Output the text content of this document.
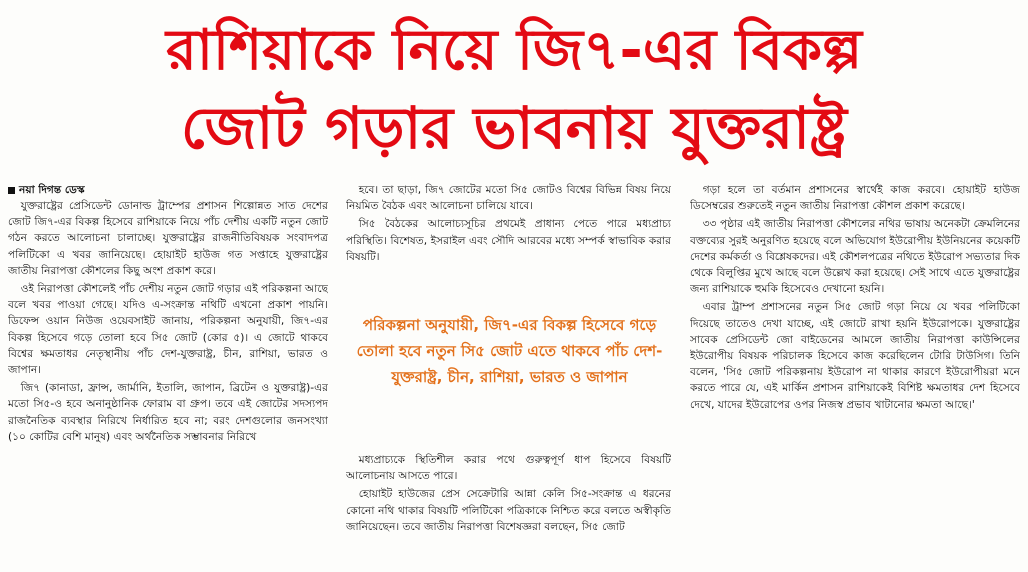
রাশিয়াকে নিয়ে জি৭-এর বিকল্প
জোট গড়ার ভাবনায় যুক্তরাষ্ট্র
নয়া দিগন্ত ডেস্ক

যুক্তরাষ্ট্রের প্রেসিডেন্ট ডোনাল্ড ট্রাম্পের প্রশাসন শিল্পোন্নত সাত দেশের জোট জি৭-এর বিকল্প হিসেবে রাশিয়াকে নিয়ে পাঁচ দেশীয় একটি নতুন জোট গঠন করতে আলোচনা চালাচ্ছে। যুক্তরাষ্ট্রের রাজনীতিবিষয়ক সংবাদপত্র পলিটিকো এ খবর জানিয়েছে। হোয়াইট হাউজ গত সপ্তাহে যুক্তরাষ্ট্রের জাতীয় নিরাপত্তা কৌশলের কিছু অংশ প্রকাশ করে।

ওই নিরাপত্তা কৌশলেই পাঁচ দেশীয় নতুন জোট গড়ার এই পরিকল্পনা আছে বলে খবর পাওয়া গেছে। যদিও এ-সংক্রান্ত নথিটি এখনো প্রকাশ পায়নি। ডিফেন্স ওয়ান নিউজ ওয়েবসাইট জানায়, পরিকল্পনা অনুযায়ী, জি৭-এর বিকল্প হিসেবে গড়ে তোলা হবে সি৫ জোট (কোর ৫)। এ জোটে থাকবে বিশ্বের ক্ষমতাধর নেতৃস্থানীয় পাঁচ দেশ-যুক্তরাষ্ট্র, চীন, রাশিয়া, ভারত ও জাপান।

জি৭ (কানাডা, ফ্রান্স, জার্মানি, ইতালি, জাপান, ব্রিটেন ও যুক্তরাষ্ট্র)-এর মতো সি৫-ও হবে অনানুষ্ঠানিক ফোরাম বা গ্রুপ। তবে এই জোটের সদস্যপদ রাজনৈতিক ব্যবস্থার নিরিখে নির্ধারিত হবে না; বরং দেশগুলোর জনসংখ্যা (১০ কোটির বেশি মানুষ) এবং অর্থনৈতিক সম্ভাবনার নিরিখে

হবে। তা ছাড়া, জি৭ জোটের মতো সি৫ জোটও বিশ্বের বিভিন্ন বিষয় নিয়ে নিয়মিত বৈঠক এবং আলোচনা চালিয়ে যাবে।

সি৫ বৈঠকের আলোচ্যসূচির প্রথমেই প্রাধান্য পেতে পারে মধ্যপ্রাচ্য পরিস্থিতি। বিশেষত, ইসরাইল এবং সৌদি আরবের মধ্যে সম্পর্ক স্বাভাবিক করার বিষয়টি।

পরিকল্পনা অনুযায়ী, জি৭-এর বিকল্প হিসেবে গড়ে তোলা হবে নতুন সি৫ জোট এতে থাকবে পাঁচ দেশ-যুক্তরাষ্ট্র, চীন, রাশিয়া, ভারত ও জাপান

মধ্যপ্রাচ্যকে স্থিতিশীল করার পথে গুরুত্বপূর্ণ ধাপ হিসেবে বিষয়টি আলোচনায় আসতে পারে।

হোয়াইট হাউজের প্রেস সেক্রেটারি আন্না কেলি সি৫-সংক্রান্ত এ ধরনের কোনো নথি থাকার বিষয়টি পলিটিকো পত্রিকাকে নিশ্চিত করে বলতে অস্বীকৃতি জানিয়েছেন। তবে জাতীয় নিরাপত্তা বিশেষজ্ঞরা বলছেন, সি৫ জোট

গড়া হলে তা বর্তমান প্রশাসনের স্বার্থেই কাজ করবে। হোয়াইট হাউজ ডিসেম্বরের শুরুতেই নতুন জাতীয় নিরাপত্তা কৌশল প্রকাশ করেছে।

৩৩ পৃষ্ঠার এই জাতীয় নিরাপত্তা কৌশলের নথির ভাষায় অনেকটা ক্রেমলিনের বক্তব্যের সুরই অনুরণিত হয়েছে বলে অভিযোগ ইউরোপীয় ইউনিয়নের কয়েকটি দেশের কর্মকর্তা ও বিশ্লেষকদের। এই কৌশলপত্রের নথিতে ইউরোপ সভ্যতার দিক থেকে বিলুপ্তির মুখে আছে বলে উল্লেখ করা হয়েছে। সেই সাথে এতে যুক্তরাষ্ট্রের জন্য রাশিয়াকে হুমকি হিসেবেও দেখানো হয়নি।

এবার ট্রাম্প প্রশাসনের নতুন সি৫ জোট গড়া নিয়ে যে খবর পলিটিকো দিয়েছে তাতেও দেখা যাচ্ছে, এই জোটে রাখা হয়নি ইউরোপকে। যুক্তরাষ্ট্রের সাবেক প্রেসিডেন্ট জো বাইডেনের আমলে জাতীয় নিরাপত্তা কাউন্সিলের ইউরোপীয় বিষয়ক পরিচালক হিসেবে কাজ করেছিলেন টোরি টাউসিগ। তিনি বলেন, 'সি৫ জোট পরিকল্পনায় ইউরোপ না থাকার কারণে ইউরোপীয়রা মনে করতে পারে যে, এই মার্কিন প্রশাসন রাশিয়াকেই বিশিষ্ট ক্ষমতাধর দেশ হিসেবে দেখে, যাদের ইউরোপের ওপর নিজস্ব প্রভাব খাটানোর ক্ষমতা আছে।'
